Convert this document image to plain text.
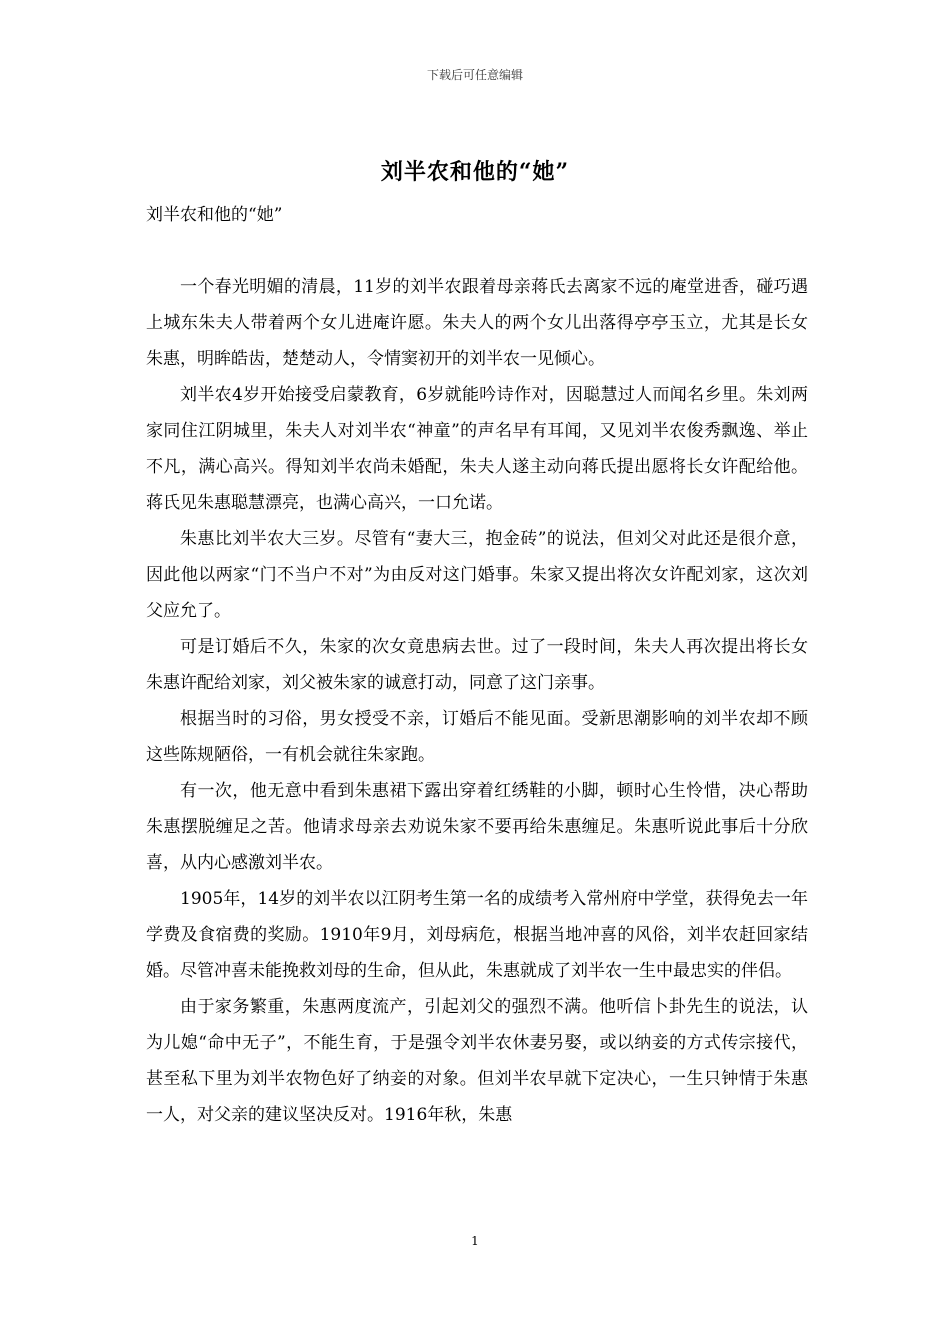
下载后可任意编辑
刘半农和他的“她”
刘半农和他的“她”

一个春光明媚的清晨，11岁的刘半农跟着母亲蒋氏去离家不远的庵堂进香，碰巧遇上城东朱夫人带着两个女儿进庵许愿。朱夫人的两个女儿出落得亭亭玉立，尤其是长女朱惠，明眸皓齿，楚楚动人，令情窦初开的刘半农一见倾心。

刘半农4岁开始接受启蒙教育，6岁就能吟诗作对，因聪慧过人而闻名乡里。朱刘两家同住江阴城里，朱夫人对刘半农“神童”的声名早有耳闻，又见刘半农俊秀飘逸、举止不凡，满心高兴。得知刘半农尚未婚配，朱夫人遂主动向蒋氏提出愿将长女许配给他。蒋氏见朱惠聪慧漂亮，也满心高兴，一口允诺。

朱惠比刘半农大三岁。尽管有“妻大三，抱金砖”的说法，但刘父对此还是很介意，因此他以两家“门不当户不对”为由反对这门婚事。朱家又提出将次女许配刘家，这次刘父应允了。

可是订婚后不久，朱家的次女竟患病去世。过了一段时间，朱夫人再次提出将长女朱惠许配给刘家，刘父被朱家的诚意打动，同意了这门亲事。

根据当时的习俗，男女授受不亲，订婚后不能见面。受新思潮影响的刘半农却不顾这些陈规陋俗，一有机会就往朱家跑。

有一次，他无意中看到朱惠裙下露出穿着红绣鞋的小脚，顿时心生怜惜，决心帮助朱惠摆脱缠足之苦。他请求母亲去劝说朱家不要再给朱惠缠足。朱惠听说此事后十分欣喜，从内心感激刘半农。

1905年，14岁的刘半农以江阴考生第一名的成绩考入常州府中学堂，获得免去一年学费及食宿费的奖励。1910年9月，刘母病危，根据当地冲喜的风俗，刘半农赶回家结婚。尽管冲喜未能挽救刘母的生命，但从此，朱惠就成了刘半农一生中最忠实的伴侣。

由于家务繁重，朱惠两度流产，引起刘父的强烈不满。他听信卜卦先生的说法，认为儿媳“命中无子”，不能生育，于是强令刘半农休妻另娶，或以纳妾的方式传宗接代，甚至私下里为刘半农物色好了纳妾的对象。但刘半农早就下定决心，一生只钟情于朱惠一人，对父亲的建议坚决反对。1916年秋，朱惠

1
